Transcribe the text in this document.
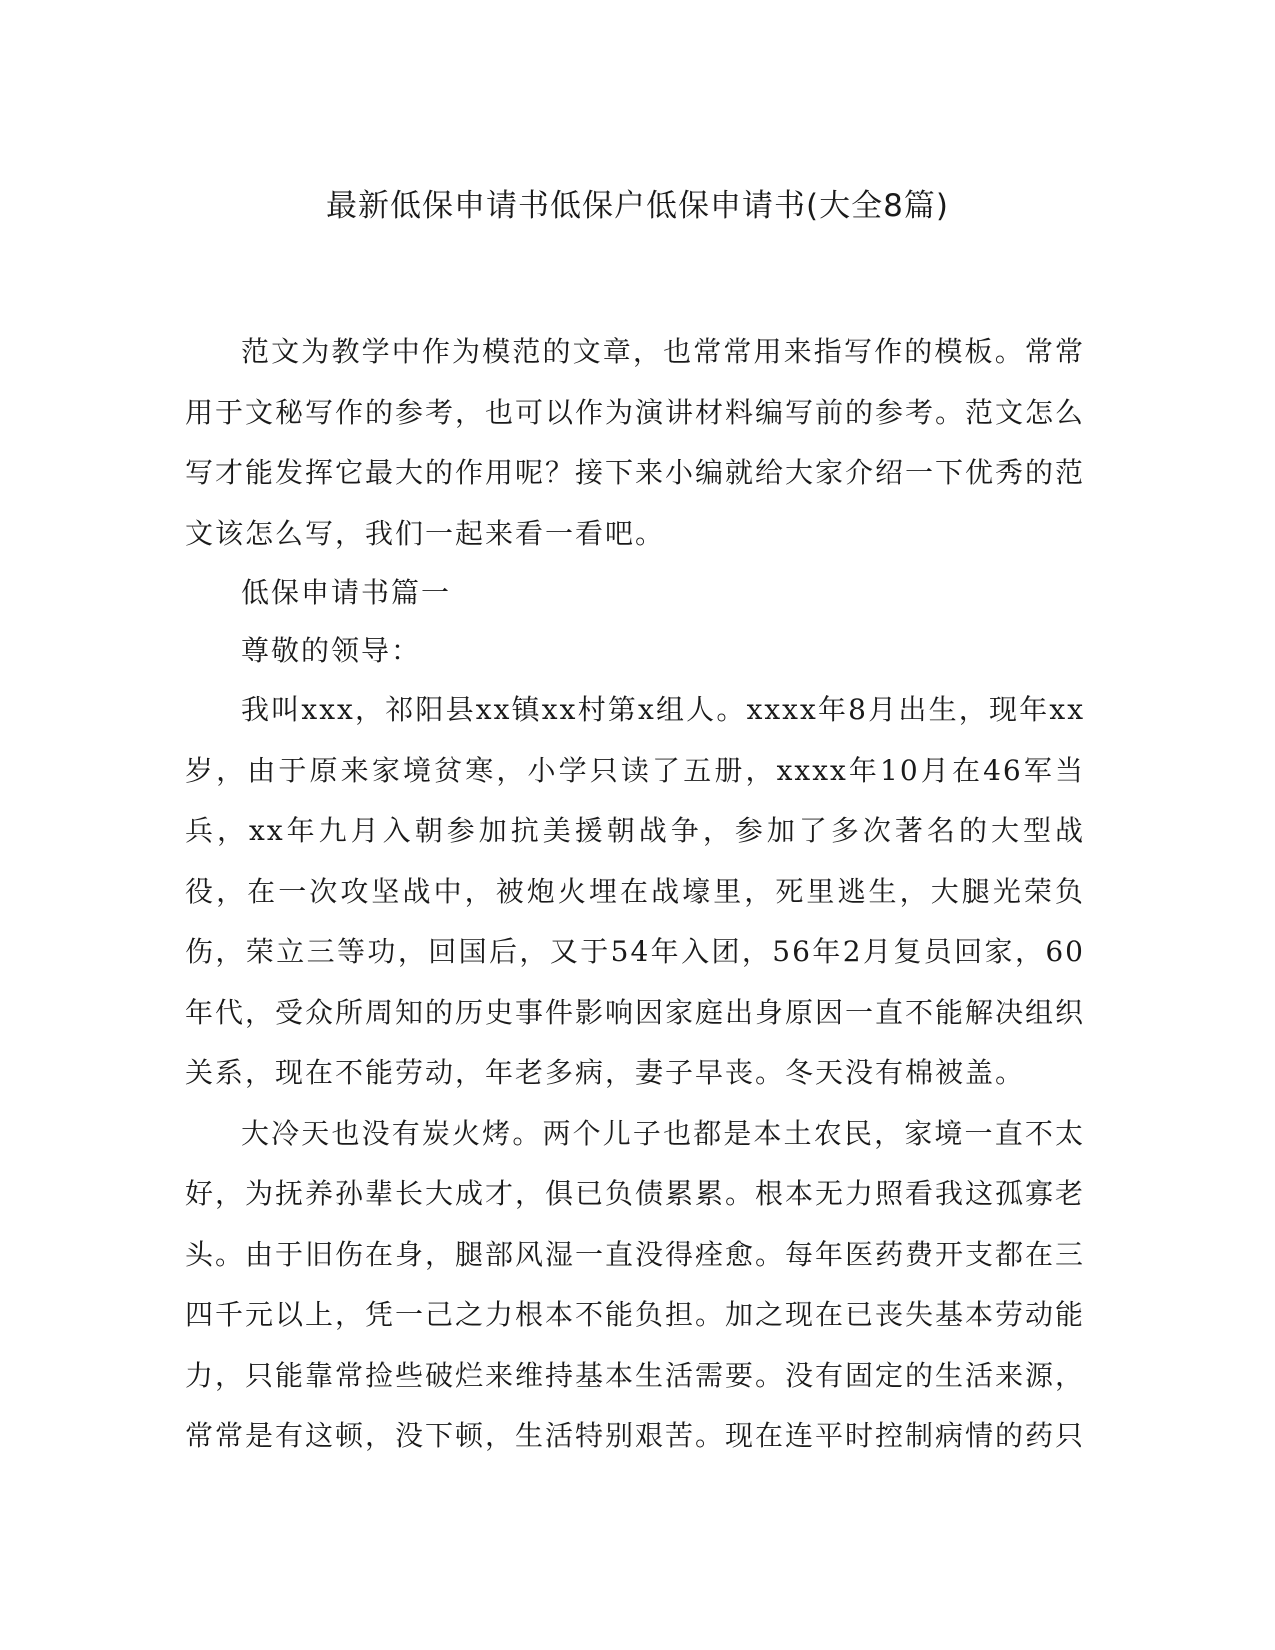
最新低保申请书低保户低保申请书(大全8篇)

范文为教学中作为模范的文章，也常常用来指写作的模板。常常用于文秘写作的参考，也可以作为演讲材料编写前的参考。范文怎么写才能发挥它最大的作用呢？接下来小编就给大家介绍一下优秀的范文该怎么写，我们一起来看一看吧。

低保申请书篇一

尊敬的领导：

我叫xxx，祁阳县xx镇xx村第x组人。xxxx年8月出生，现年xx岁，由于原来家境贫寒，小学只读了五册，xxxx年10月在46军当兵，xx年九月入朝参加抗美援朝战争，参加了多次著名的大型战役，在一次攻坚战中，被炮火埋在战壕里，死里逃生，大腿光荣负伤，荣立三等功，回国后，又于54年入团，56年2月复员回家，60年代，受众所周知的历史事件影响因家庭出身原因一直不能解决组织关系，现在不能劳动，年老多病，妻子早丧。冬天没有棉被盖。

大冷天也没有炭火烤。两个儿子也都是本土农民，家境一直不太好，为抚养孙辈长大成才，俱已负债累累。根本无力照看我这孤寡老头。由于旧伤在身，腿部风湿一直没得痊愈。每年医药费开支都在三四千元以上，凭一己之力根本不能负担。加之现在已丧失基本劳动能力，只能靠常捡些破烂来维持基本生活需要。没有固定的生活来源，常常是有这顿，没下顿，生活特别艰苦。现在连平时控制病情的药只
